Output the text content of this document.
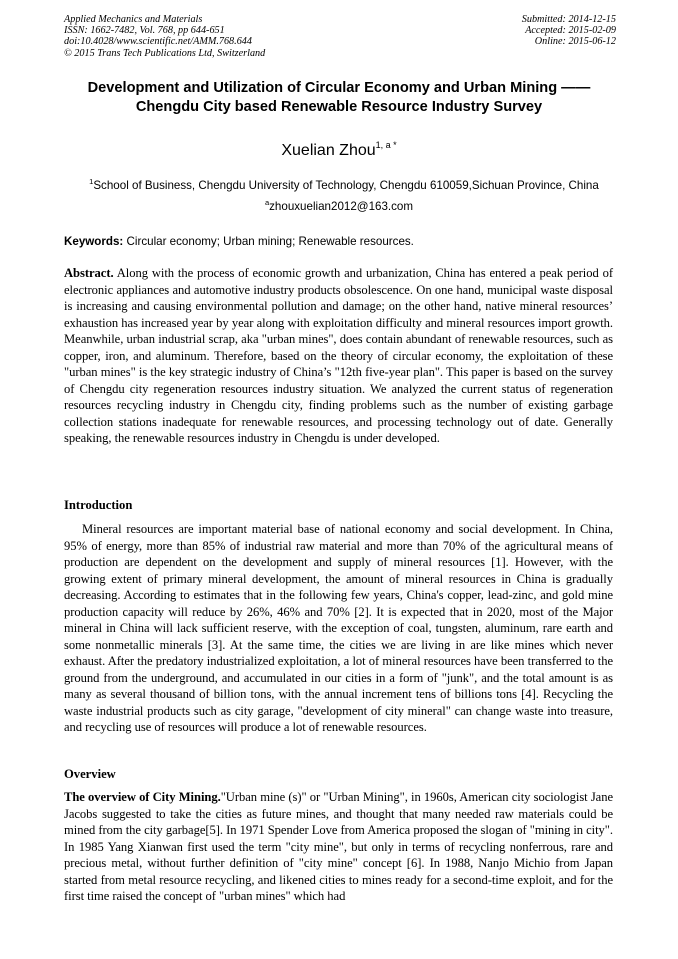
Applied Mechanics and Materials
ISSN: 1662-7482, Vol. 768, pp 644-651
doi:10.4028/www.scientific.net/AMM.768.644
© 2015 Trans Tech Publications Ltd, Switzerland
Submitted: 2014-12-15
Accepted: 2015-02-09
Online: 2015-06-12
Development and Utilization of Circular Economy and Urban Mining ——
Chengdu City based Renewable Resource Industry Survey
Xuelian Zhou$^{1, a *}$
$^1$School of Business, Chengdu University of Technology, Chengdu 610059,Sichuan Province, China
$^a$zhouxuelian2012@163.com
Keywords: Circular economy; Urban mining; Renewable resources.
Abstract. Along with the process of economic growth and urbanization, China has entered a peak period of electronic appliances and automotive industry products obsolescence. On one hand, municipal waste disposal is increasing and causing environmental pollution and damage; on the other hand, native mineral resources’ exhaustion has increased year by year along with exploitation difficulty and mineral resources import growth. Meanwhile, urban industrial scrap, aka "urban mines", does contain abundant of renewable resources, such as copper, iron, and aluminum. Therefore, based on the theory of circular economy, the exploitation of these "urban mines" is the key strategic industry of China’s "12th five-year plan". This paper is based on the survey of Chengdu city regeneration resources industry situation. We analyzed the current status of regeneration resources recycling industry in Chengdu city, finding problems such as the number of existing garbage collection stations inadequate for renewable resources, and processing technology out of date. Generally speaking, the renewable resources industry in Chengdu is under developed.
Introduction
Mineral resources are important material base of national economy and social development. In China, 95% of energy, more than 85% of industrial raw material and more than 70% of the agricultural means of production are dependent on the development and supply of mineral resources [1]. However, with the growing extent of primary mineral development, the amount of mineral resources in China is gradually decreasing. According to estimates that in the following few years, China's copper, lead-zinc, and gold mine production capacity will reduce by 26%, 46% and 70% [2]. It is expected that in 2020, most of the Major mineral in China will lack sufficient reserve, with the exception of coal, tungsten, aluminum, rare earth and some nonmetallic minerals [3]. At the same time, the cities we are living in are like mines which never exhaust. After the predatory industrialized exploitation, a lot of mineral resources have been transferred to the ground from the underground, and accumulated in our cities in a form of "junk", and the total amount is as many as several thousand of billion tons, with the annual increment tens of billions tons [4]. Recycling the waste industrial products such as city garage, "development of city mineral" can change waste into treasure, and recycling use of resources will produce a lot of renewable resources.
Overview
The overview of City Mining."Urban mine (s)" or "Urban Mining", in 1960s, American city sociologist Jane Jacobs suggested to take the cities as future mines, and thought that many needed raw materials could be mined from the city garbage[5]. In 1971 Spender Love from America proposed the slogan of "mining in city". In 1985 Yang Xianwan first used the term "city mine", but only in terms of recycling nonferrous, rare and precious metal, without further definition of "city mine" concept [6]. In 1988, Nanjo Michio from Japan started from metal resource recycling, and likened cities to mines ready for a second-time exploit, and for the first time raised the concept of "urban mines" which had
